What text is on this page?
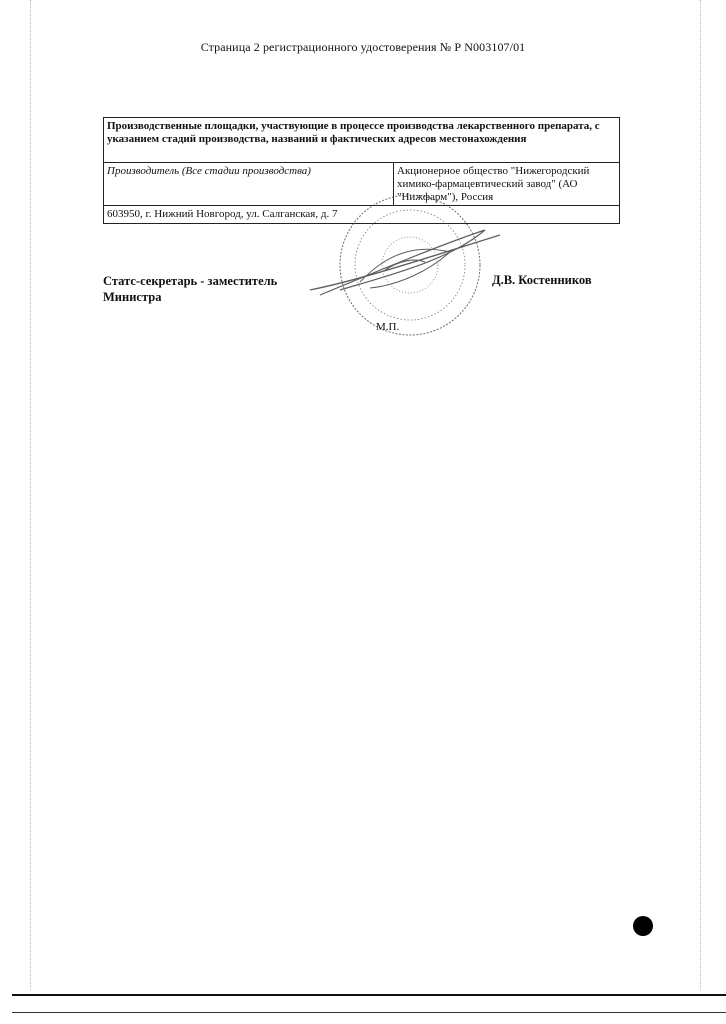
Страница 2 регистрационного удостоверения № Р N003107/01
Производственные площадки, участвующие в процессе производства лекарственного препарата, с указанием стадий производства, названий и фактических адресов местонахождения
Производитель (Все стадии производства)	Акционерное общество "Нижегородский химико-фармацевтический завод" (АО "Нижфарм"), Россия
603950, г. Нижний Новгород, ул. Салганская, д. 7
Статс-секретарь - заместитель
Министра
Д.В. Костенников
М.П.
